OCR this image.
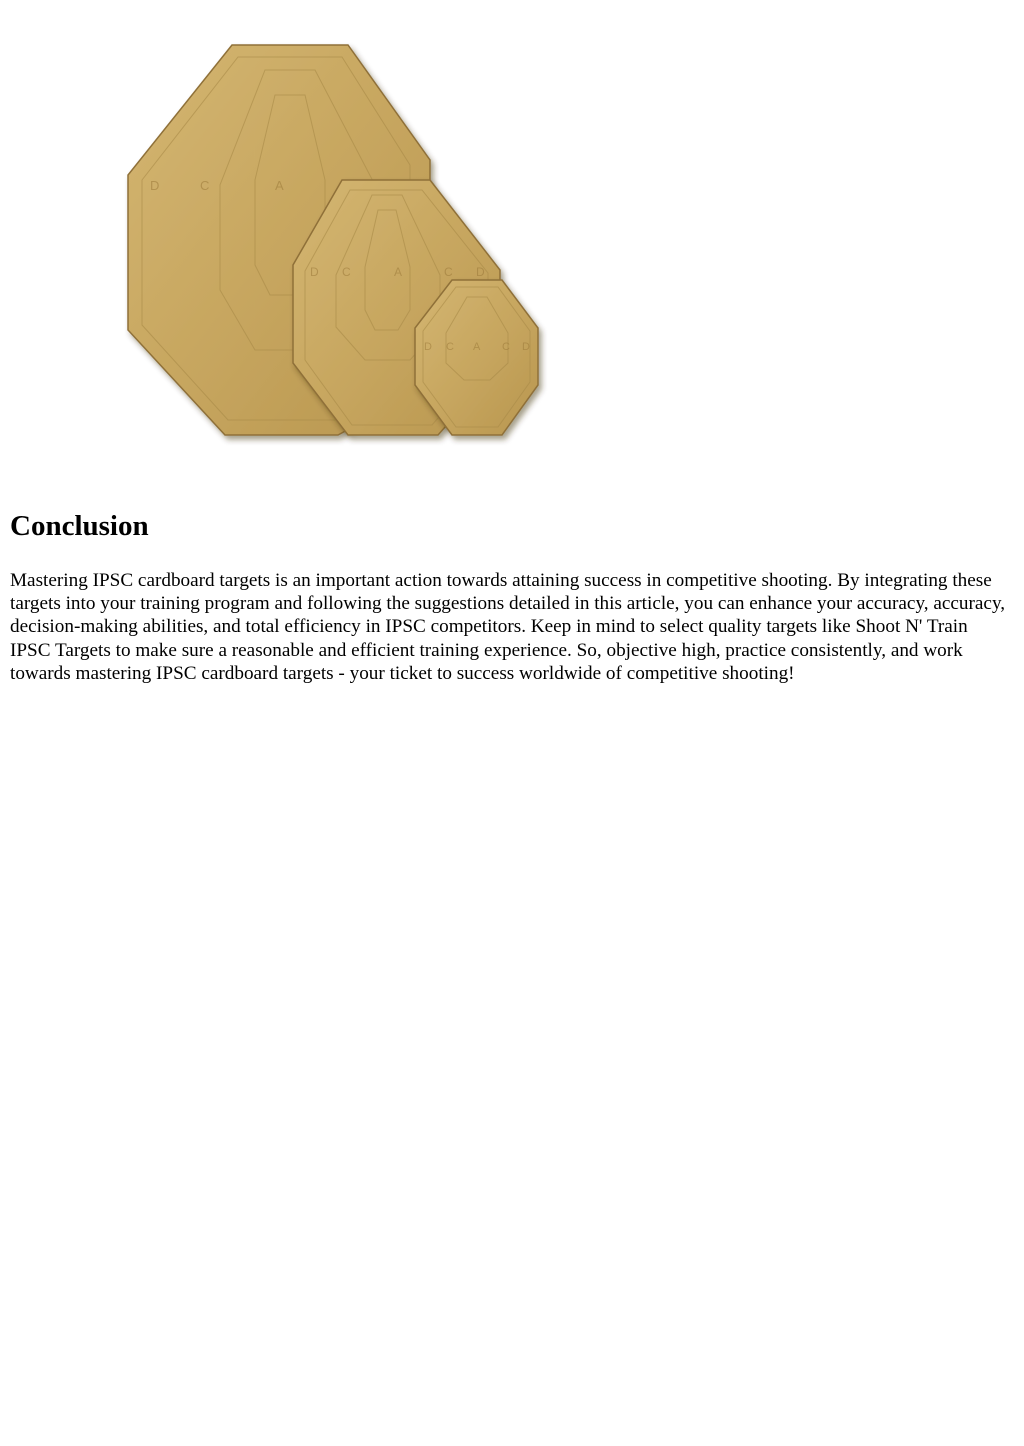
D	C	A
D C	A	C D
D C A C D
Conclusion

Mastering IPSC cardboard targets is an important action towards attaining success in competitive shooting. By integrating these targets into your training program and following the suggestions detailed in this article, you can enhance your accuracy, accuracy, decision-making abilities, and total efficiency in IPSC competitors. Keep in mind to select quality targets like Shoot N' Train IPSC Targets to make sure a reasonable and efficient training experience. So, objective high, practice consistently, and work towards mastering IPSC cardboard targets - your ticket to success worldwide of competitive shooting!
